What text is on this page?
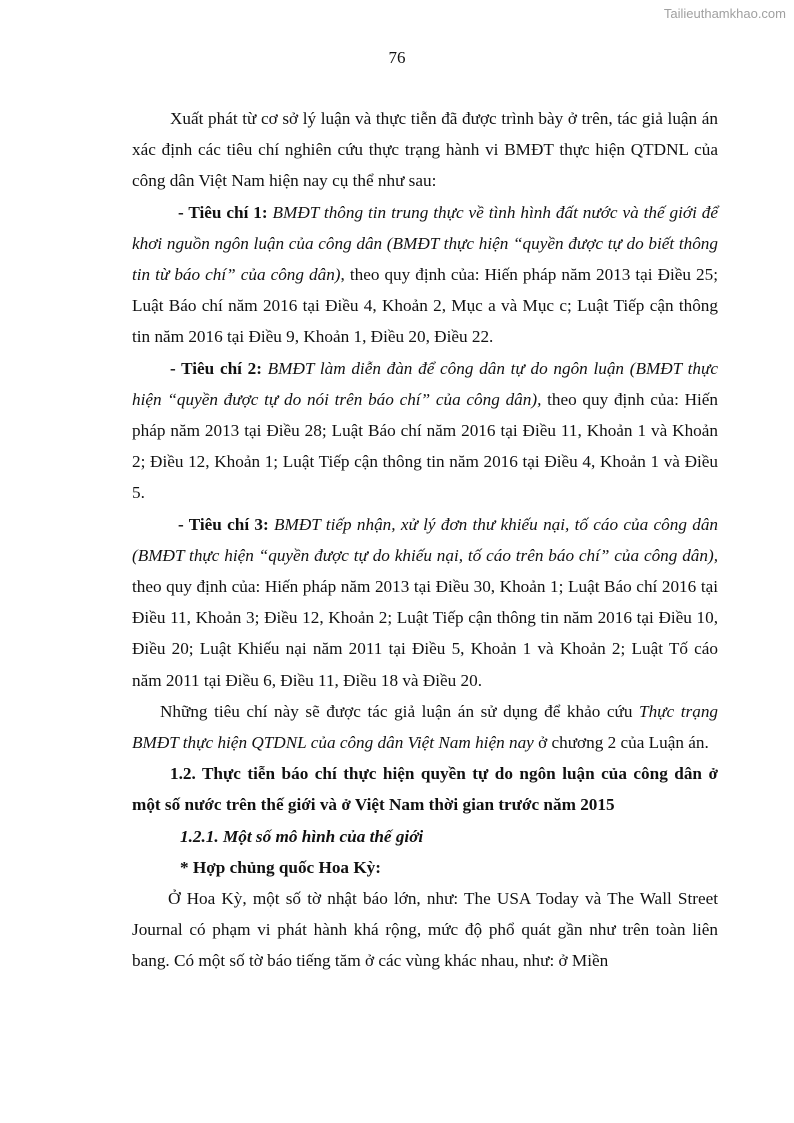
Tailieuthamkhao.com
76

Xuất phát từ cơ sở lý luận và thực tiễn đã được trình bày ở trên, tác giả luận án xác định các tiêu chí nghiên cứu thực trạng hành vi BMĐT thực hiện QTDNL của công dân Việt Nam hiện nay cụ thể như sau:

- Tiêu chí 1: BMĐT thông tin trung thực về tình hình đất nước và thế giới để khơi nguồn ngôn luận của công dân (BMĐT thực hiện “quyền được tự do biết thông tin từ báo chí” của công dân), theo quy định của: Hiến pháp năm 2013 tại Điều 25; Luật Báo chí năm 2016 tại Điều 4, Khoản 2, Mục a và Mục c; Luật Tiếp cận thông tin năm 2016 tại Điều 9, Khoản 1, Điều 20, Điều 22.

- Tiêu chí 2: BMĐT làm diễn đàn để công dân tự do ngôn luận (BMĐT thực hiện “quyền được tự do nói trên báo chí” của công dân), theo quy định của: Hiến pháp năm 2013 tại Điều 28; Luật Báo chí năm 2016 tại Điều 11, Khoản 1 và Khoản 2; Điều 12, Khoản 1; Luật Tiếp cận thông tin năm 2016 tại Điều 4, Khoản 1 và Điều 5.

- Tiêu chí 3: BMĐT tiếp nhận, xử lý đơn thư khiếu nại, tố cáo của công dân (BMĐT thực hiện “quyền được tự do khiếu nại, tố cáo trên báo chí” của công dân), theo quy định của: Hiến pháp năm 2013 tại Điều 30, Khoản 1; Luật Báo chí 2016 tại Điều 11, Khoản 3; Điều 12, Khoản 2; Luật Tiếp cận thông tin năm 2016 tại Điều 10, Điều 20; Luật Khiếu nại năm 2011 tại Điều 5, Khoản 1 và Khoản 2; Luật Tố cáo năm 2011 tại Điều 6, Điều 11, Điều 18 và Điều 20.

Những tiêu chí này sẽ được tác giả luận án sử dụng để khảo cứu Thực trạng BMĐT thực hiện QTDNL của công dân Việt Nam hiện nay ở chương 2 của Luận án.

1.2. Thực tiễn báo chí thực hiện quyền tự do ngôn luận của công dân ở một số nước trên thế giới và ở Việt Nam thời gian trước năm 2015

1.2.1. Một số mô hình của thế giới

* Hợp chủng quốc Hoa Kỳ:

Ở Hoa Kỳ, một số tờ nhật báo lớn, như: The USA Today và The Wall Street Journal có phạm vi phát hành khá rộng, mức độ phổ quát gần như trên toàn liên bang. Có một số tờ báo tiếng tăm ở các vùng khác nhau, như: ở Miền
